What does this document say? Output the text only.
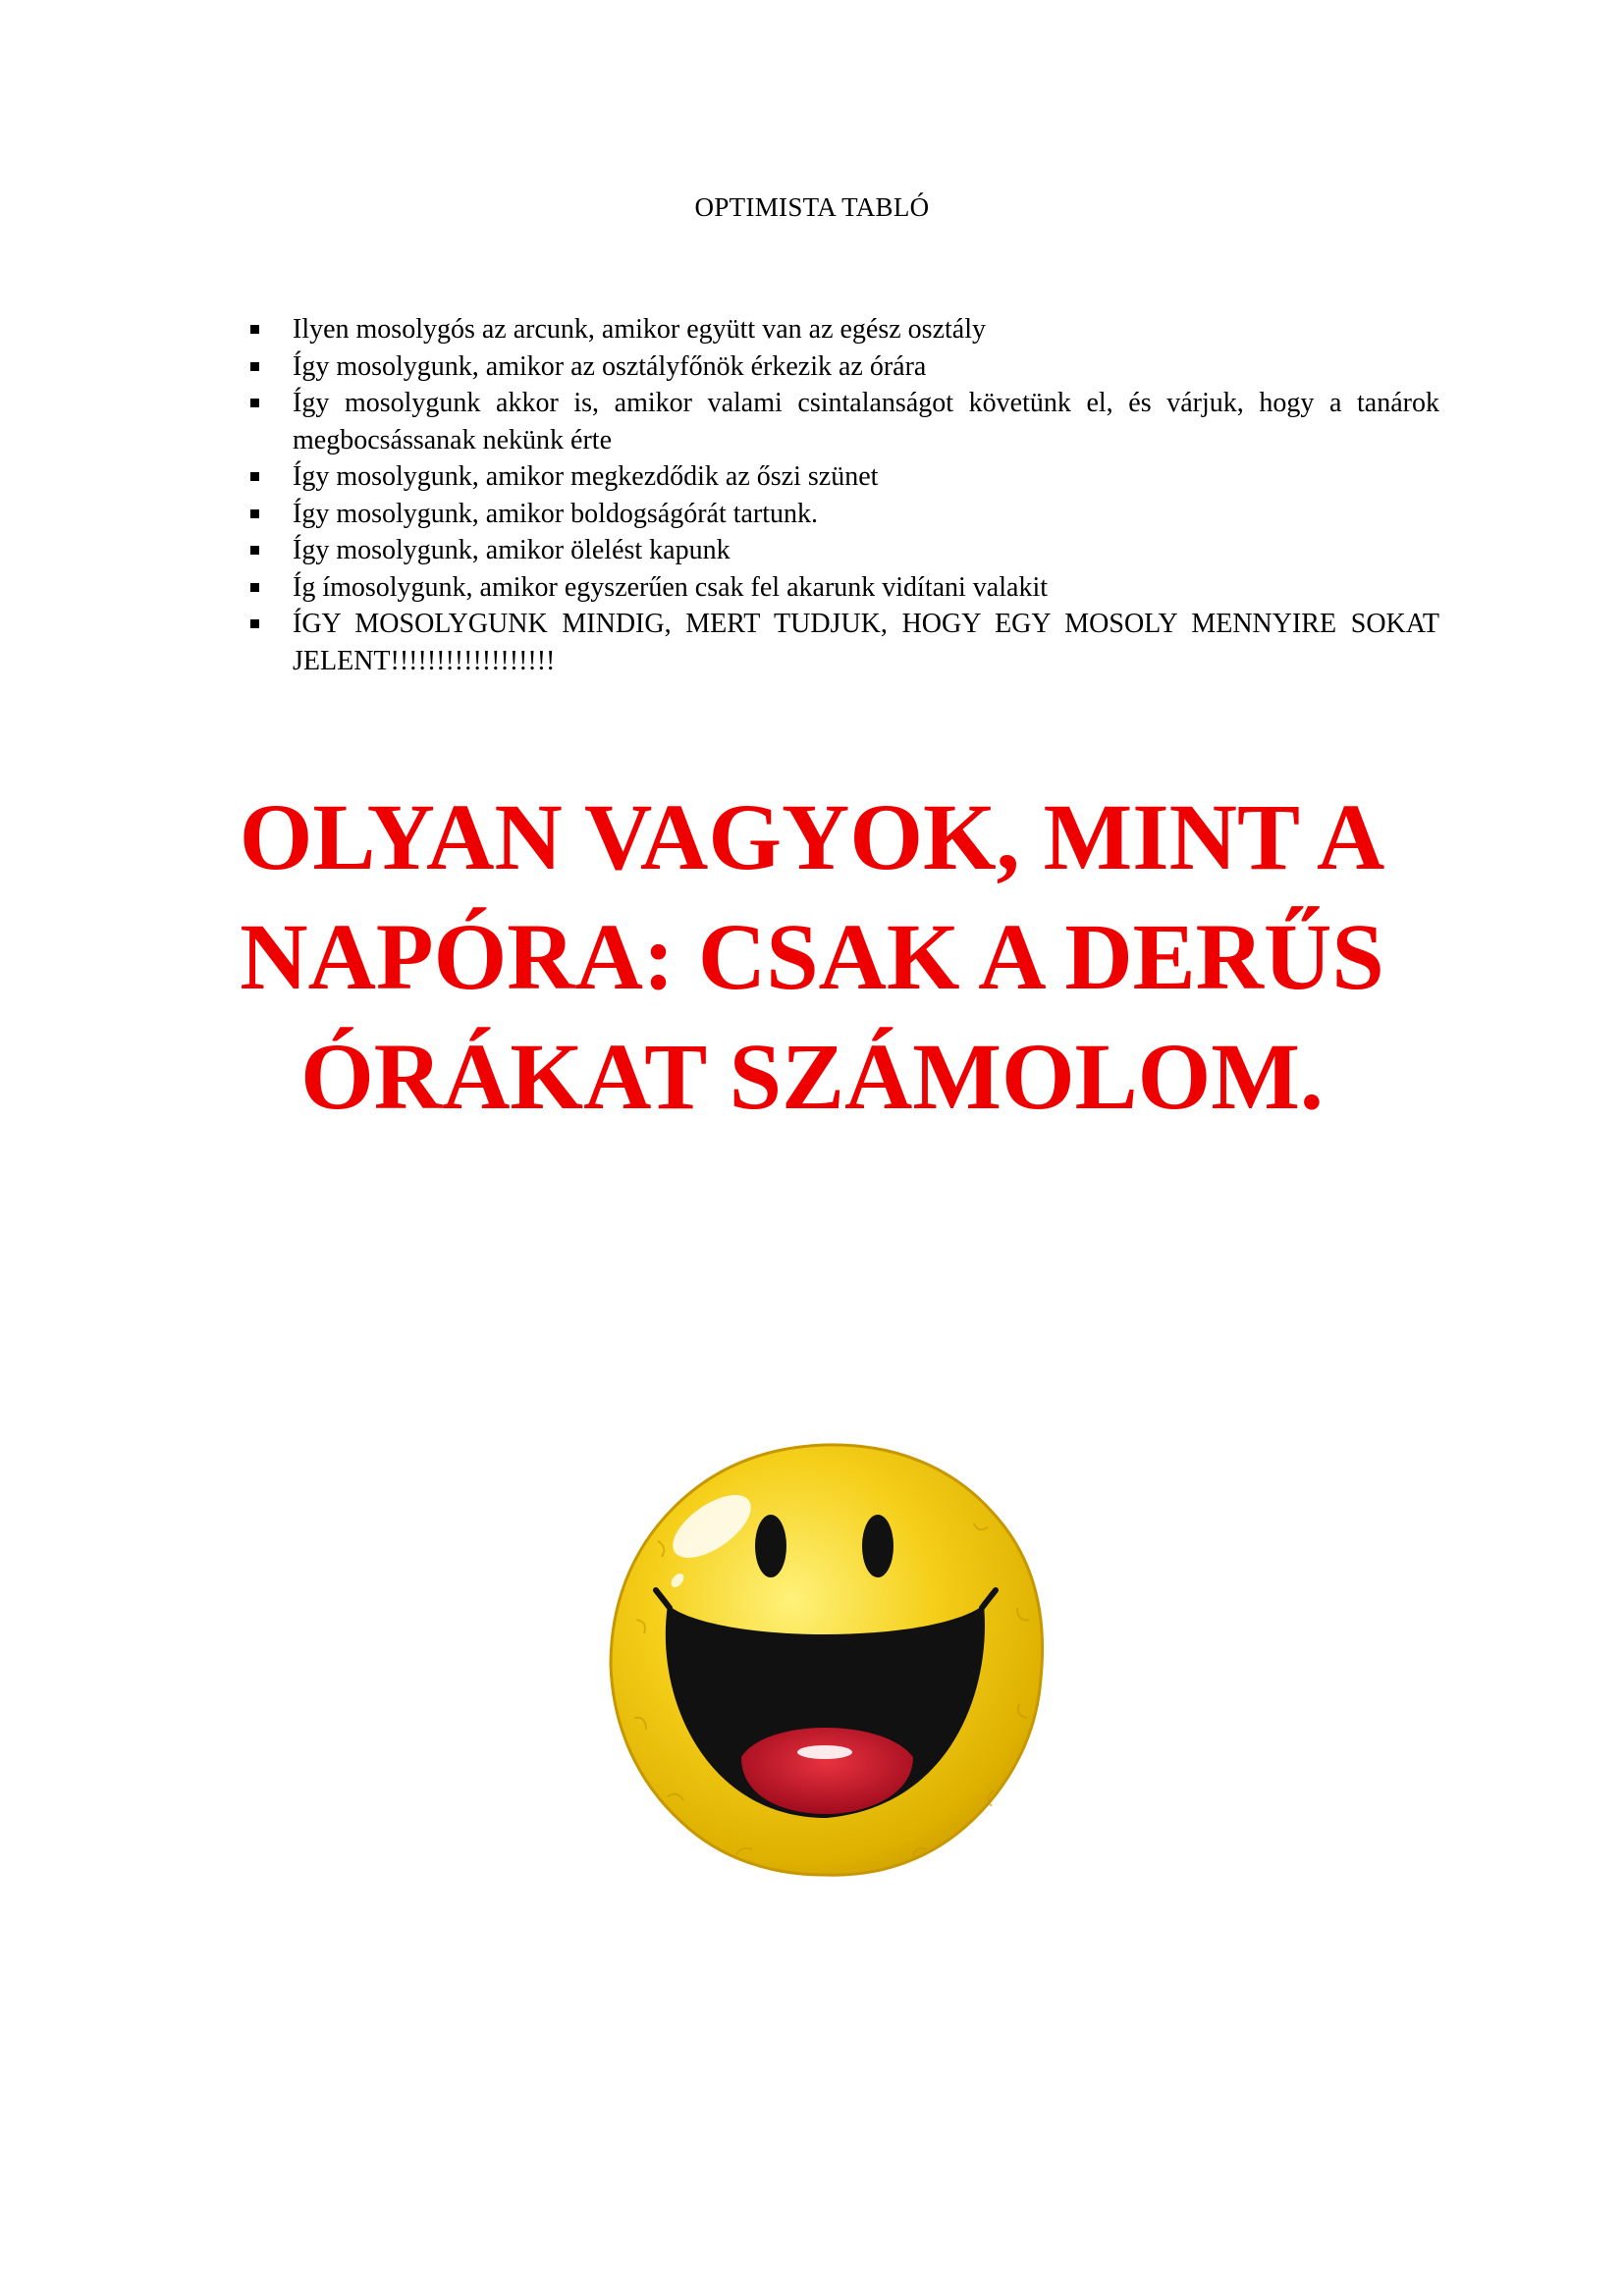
OPTIMISTA TABLÓ
Ilyen mosolygós az arcunk, amikor együtt van az egész osztály
Így mosolygunk, amikor az osztályfőnök érkezik az órára
Így mosolygunk akkor is, amikor valami csintalanságot követünk el, és várjuk, hogy a tanárok megbocsássanak nekünk érte
Így mosolygunk, amikor megkezdődik az őszi szünet
Így mosolygunk, amikor boldogságórát tartunk.
Így mosolygunk, amikor ölelést kapunk
Íg ímosolygunk, amikor egyszerűen csak fel akarunk vidítani valakit
ÍGY MOSOLYGUNK MINDIG, MERT TUDJUK, HOGY EGY MOSOLY MENNYIRE SOKAT JELENT!!!!!!!!!!!!!!!!!!
OLYAN VAGYOK, MINT A
NAPÓRA: CSAK A DERŰS
ÓRÁKAT SZÁMOLOM.
